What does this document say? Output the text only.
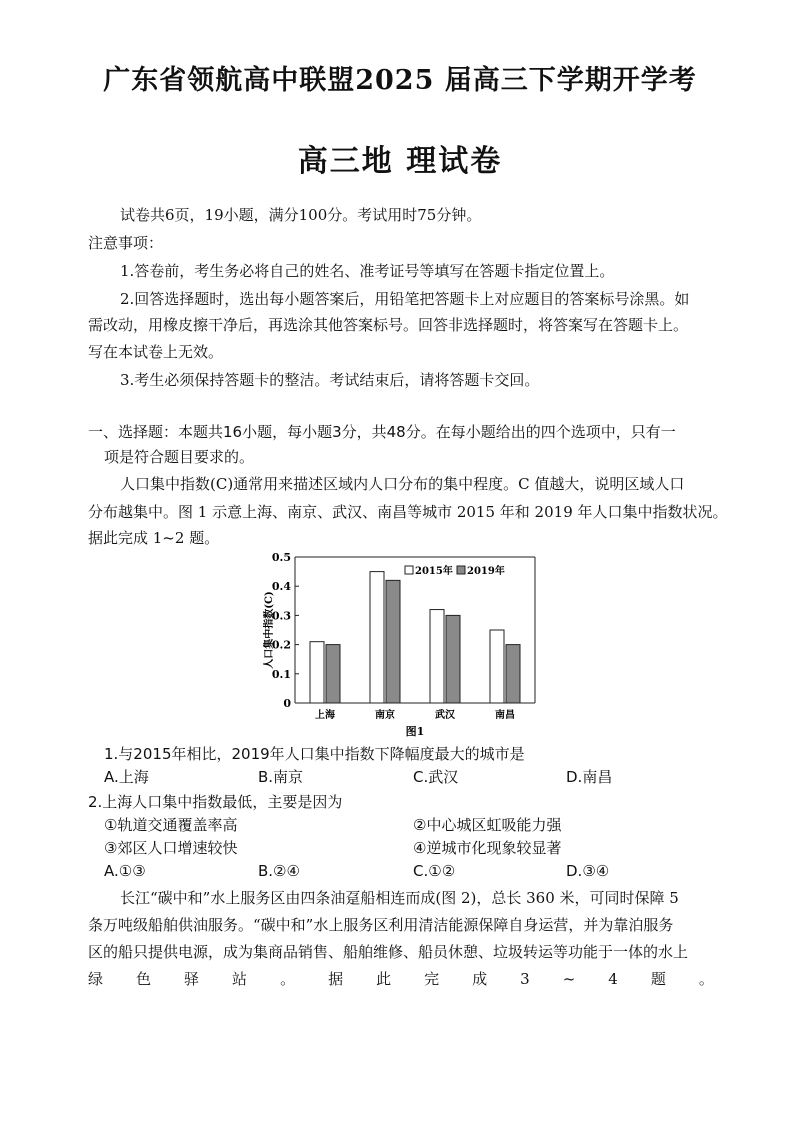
广东省领航高中联盟2025 届高三下学期开学考
高三地 理试卷
试卷共6页，19小题，满分100分。考试用时75分钟。
注意事项：
1.答卷前，考生务必将自己的姓名、准考证号等填写在答题卡指定位置上。
2.回答选择题时，选出每小题答案后，用铅笔把答题卡上对应题目的答案标号涂黑。如
需改动，用橡皮擦干净后，再选涂其他答案标号。回答非选择题时，将答案写在答题卡上。
写在本试卷上无效。
3.考生必须保持答题卡的整洁。考试结束后，请将答题卡交回。
一、选择题：本题共16小题，每小题3分，共48分。在每小题给出的四个选项中，只有一
项是符合题目要求的。
人口集中指数(C)通常用来描述区域内人口分布的集中程度。C 值越大，说明区域人口
分布越集中。图 1 示意上海、南京、武汉、南昌等城市 2015 年和 2019 年人口集中指数状况。
据此完成 1~2 题。
0
0.1
0.2
0.3
0.4
0.5
人口集中指数(C)
上海	南京	武汉	南昌
2015年 2019年
图1
1.与2015年相比，2019年人口集中指数下降幅度最大的城市是
A.上海	B.南京	C.武汉	D.南昌
2.上海人口集中指数最低，主要是因为
①轨道交通覆盖率高	②中心城区虹吸能力强
③郊区人口增速较快	④逆城市化现象较显著
A.①③	B.②④	C.①②	D.③④
长江“碳中和”水上服务区由四条油趸船相连而成(图 2)，总长 360 米，可同时保障 5
条万吨级船舶供油服务。“碳中和”水上服务区利用清洁能源保障自身运营，并为靠泊服务
区的船只提供电源，成为集商品销售、船舶维修、船员休憩、垃圾转运等功能于一体的水上
绿 色 驿 站 。 据 此 完 成 3 ~ 4 题 。
